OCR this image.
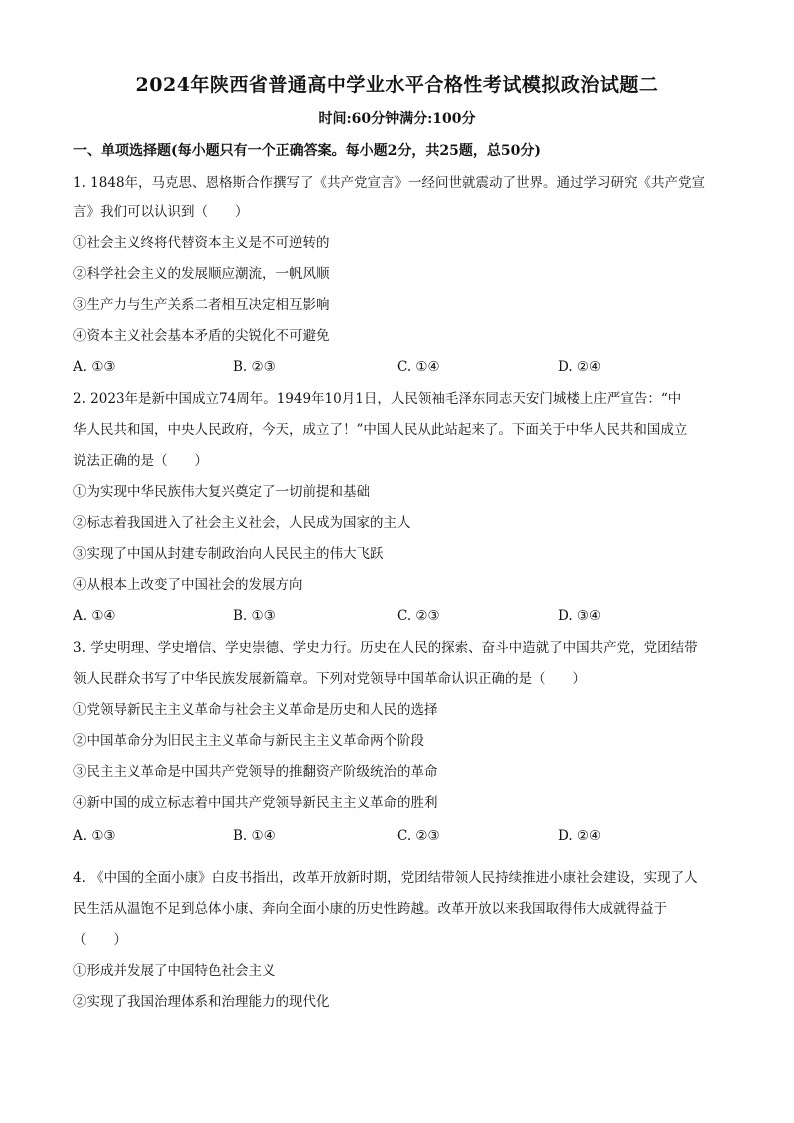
2024年陕西省普通高中学业水平合格性考试模拟政治试题二
时间:60分钟满分:100分
一、单项选择题(每小题只有一个正确答案。每小题2分，共25题，总50分)
1. 1848年，马克思、恩格斯合作撰写了《共产党宣言》一经问世就震动了世界。通过学习研究《共产党宣
言》我们可以认识到（　　）
①社会主义终将代替资本主义是不可逆转的
②科学社会主义的发展顺应潮流，一帆风顺
③生产力与生产关系二者相互决定相互影响
④资本主义社会基本矛盾的尖锐化不可避免
A. ①③	B. ②③	C. ①④	D. ②④
2. 2023年是新中国成立74周年。1949年10月1日，人民领袖毛泽东同志天安门城楼上庄严宣告：“中
华人民共和国，中央人民政府，今天，成立了！”中国人民从此站起来了。下面关于中华人民共和国成立
说法正确的是（　　）
①为实现中华民族伟大复兴奠定了一切前提和基础
②标志着我国进入了社会主义社会，人民成为国家的主人
③实现了中国从封建专制政治向人民民主的伟大飞跃
④从根本上改变了中国社会的发展方向
A. ①④	B. ①③	C. ②③	D. ③④
3. 学史明理、学史增信、学史崇德、学史力行。历史在人民的探索、奋斗中造就了中国共产党，党团结带
领人民群众书写了中华民族发展新篇章。下列对党领导中国革命认识正确的是（　　）
①党领导新民主主义革命与社会主义革命是历史和人民的选择
②中国革命分为旧民主主义革命与新民主主义革命两个阶段
③民主主义革命是中国共产党领导的推翻资产阶级统治的革命
④新中国的成立标志着中国共产党领导新民主主义革命的胜利
A. ①③	B. ①④	C. ②③	D. ②④
4. 《中国的全面小康》白皮书指出，改革开放新时期，党团结带领人民持续推进小康社会建设，实现了人
民生活从温饱不足到总体小康、奔向全面小康的历史性跨越。改革开放以来我国取得伟大成就得益于
（　　）
①形成并发展了中国特色社会主义
②实现了我国治理体系和治理能力的现代化
